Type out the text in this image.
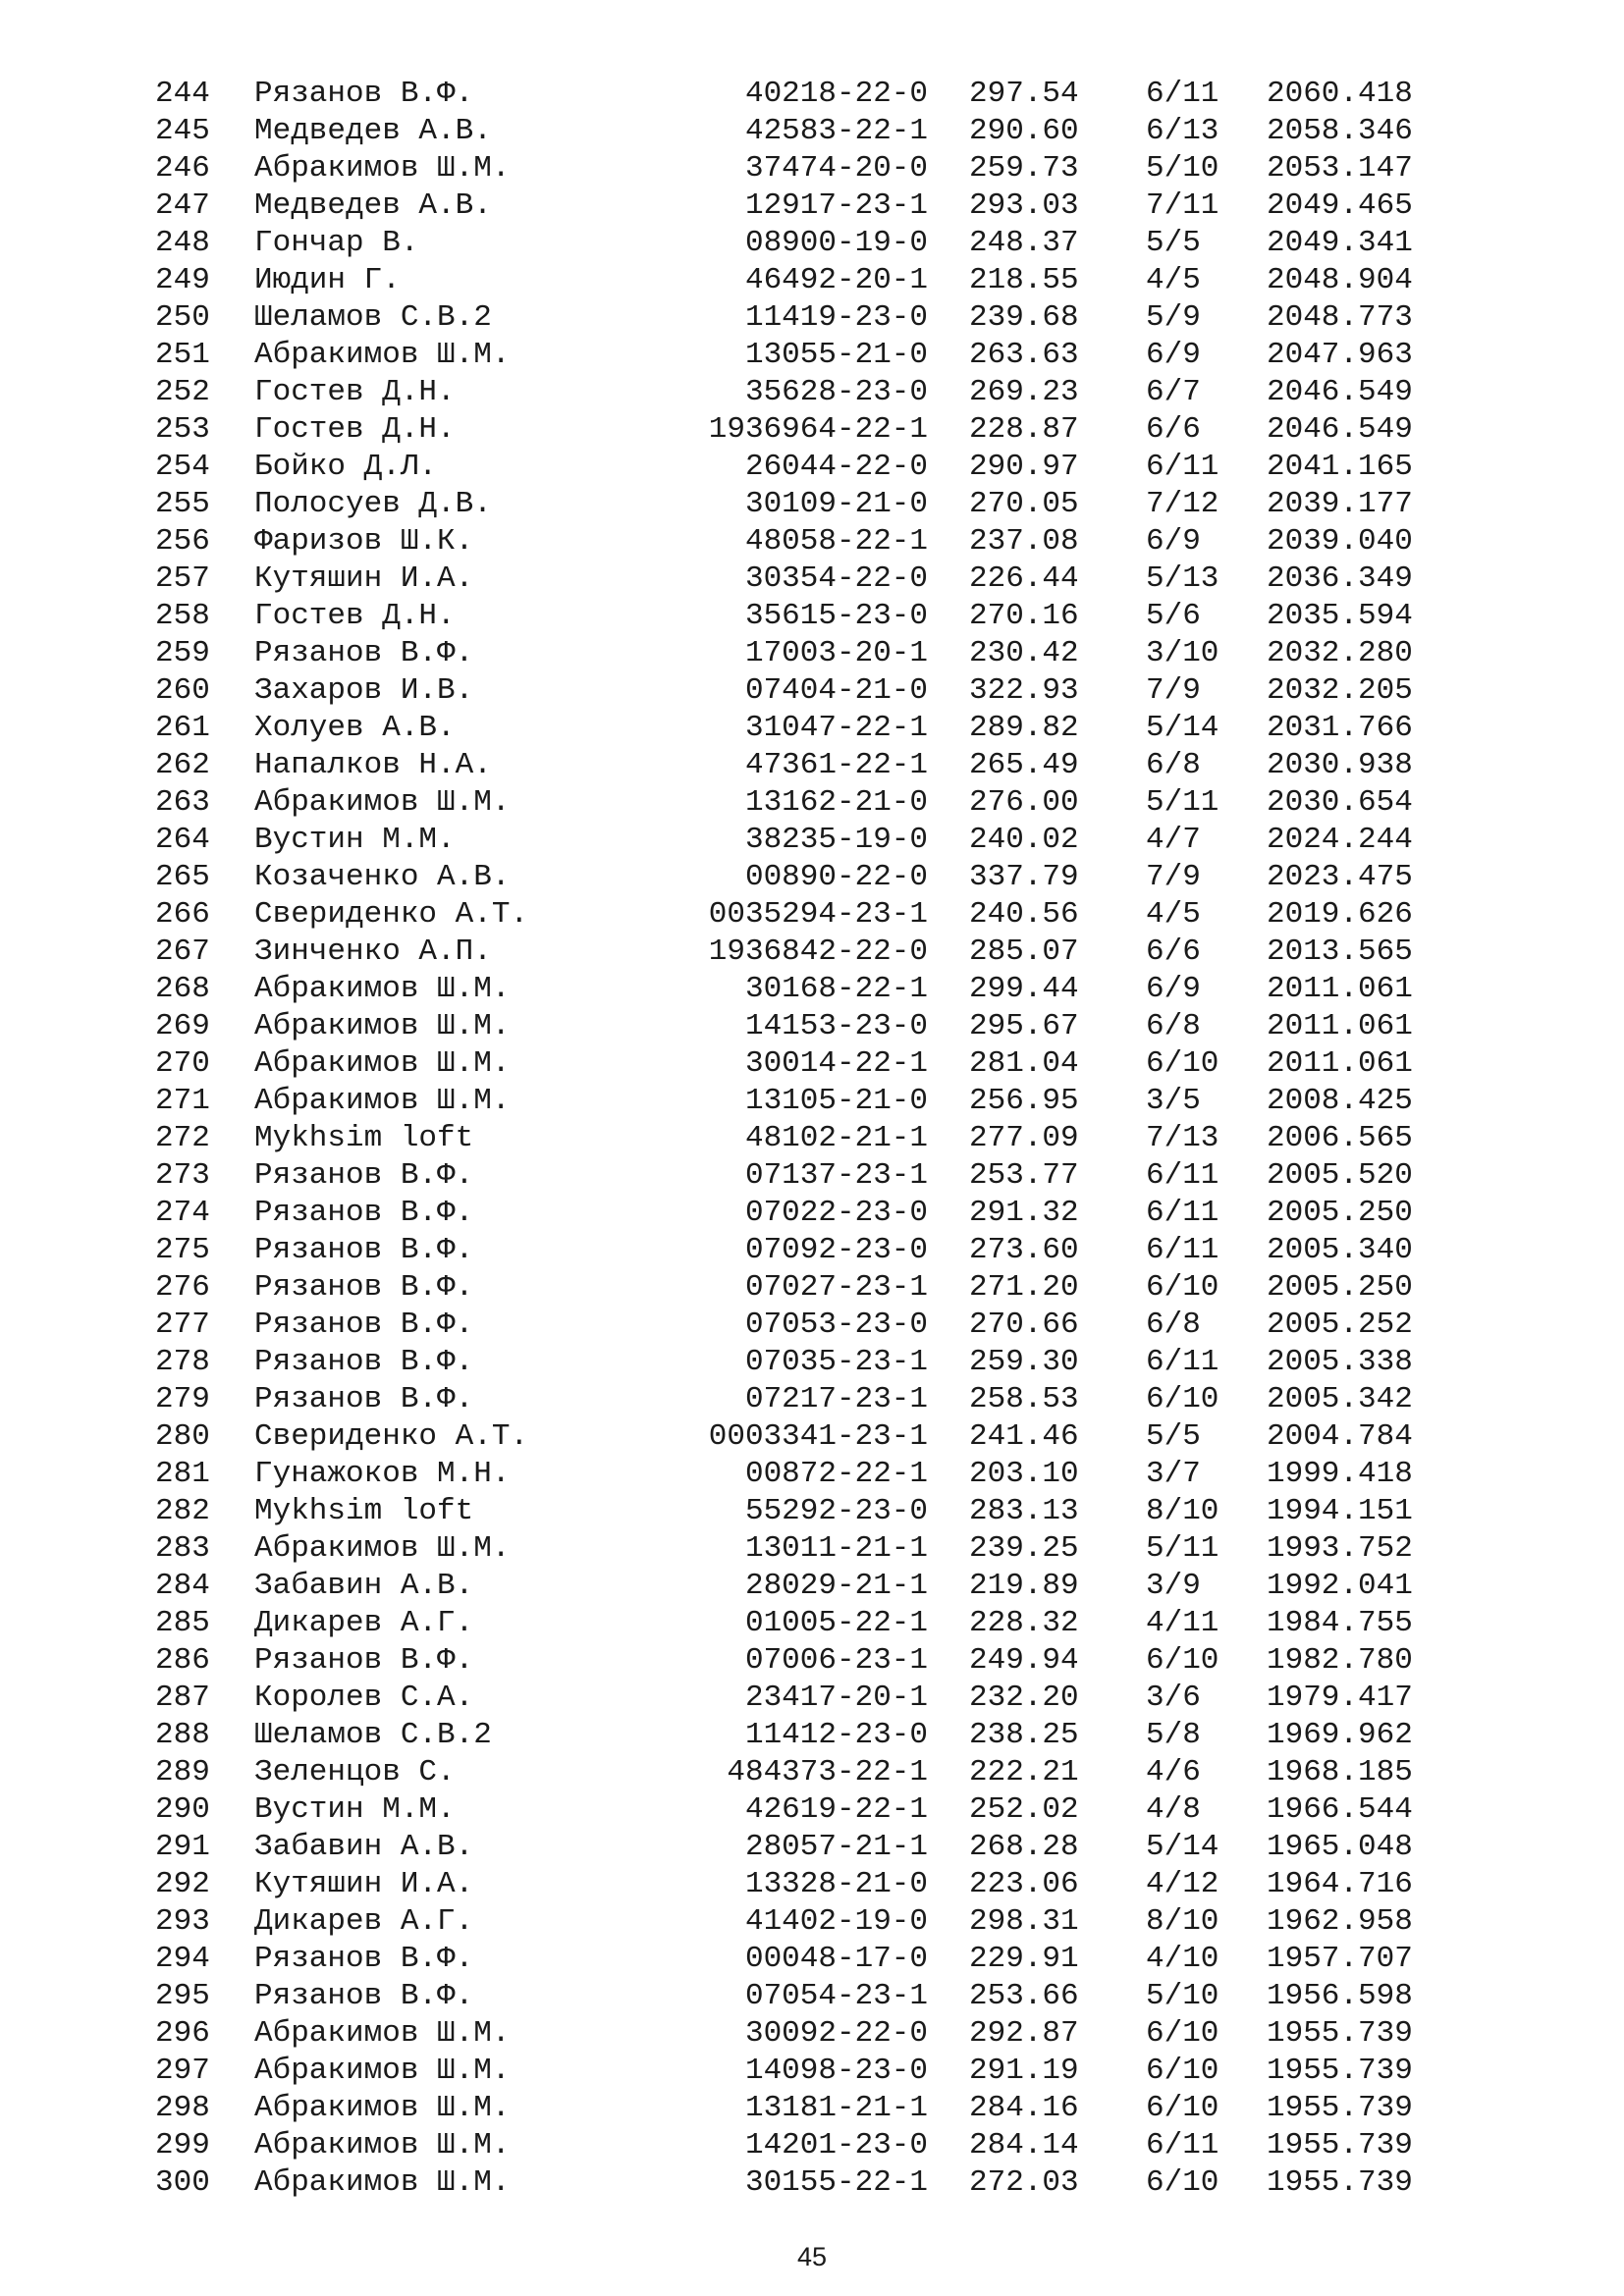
244 Рязанов В.Ф.	40218-22-0 297.54 6/11 2060.418
245 Медведев А.В.	42583-22-1 290.60 6/13 2058.346
246 Абракимов Ш.М.	37474-20-0 259.73 5/10 2053.147
247 Медведев А.В.	12917-23-1 293.03 7/11 2049.465
248 Гончар В.	08900-19-0 248.37 5/5 2049.341
249 Июдин Г.	46492-20-1 218.55 4/5 2048.904
250 Шеламов С.В.2	11419-23-0 239.68 5/9 2048.773
251 Абракимов Ш.М.	13055-21-0 263.63 6/9 2047.963
252 Гостев Д.Н.	35628-23-0 269.23 6/7 2046.549
253 Гостев Д.Н.	1936964-22-1 228.87 6/6 2046.549
254 Бойко Д.Л.	26044-22-0 290.97 6/11 2041.165
255 Полосуев Д.В.	30109-21-0 270.05 7/12 2039.177
256 Фаризов Ш.К.	48058-22-1 237.08 6/9 2039.040
257 Кутяшин И.А.	30354-22-0 226.44 5/13 2036.349
258 Гостев Д.Н.	35615-23-0 270.16 5/6 2035.594
259 Рязанов В.Ф.	17003-20-1 230.42 3/10 2032.280
260 Захаров И.В.	07404-21-0 322.93 7/9 2032.205
261 Холуев А.В.	31047-22-1 289.82 5/14 2031.766
262 Напалков Н.А.	47361-22-1 265.49 6/8 2030.938
263 Абракимов Ш.М.	13162-21-0 276.00 5/11 2030.654
264 Вустин М.М.	38235-19-0 240.02 4/7 2024.244
265 Козаченко А.В.	00890-22-0 337.79 7/9 2023.475
266 Свериденко А.Т.	0035294-23-1 240.56 4/5 2019.626
267 Зинченко А.П.	1936842-22-0 285.07 6/6 2013.565
268 Абракимов Ш.М.	30168-22-1 299.44 6/9 2011.061
269 Абракимов Ш.М.	14153-23-0 295.67 6/8 2011.061
270 Абракимов Ш.М.	30014-22-1 281.04 6/10 2011.061
271 Абракимов Ш.М.	13105-21-0 256.95 3/5 2008.425
272 Mykhsim loft	48102-21-1 277.09 7/13 2006.565
273 Рязанов В.Ф.	07137-23-1 253.77 6/11 2005.520
274 Рязанов В.Ф.	07022-23-0 291.32 6/11 2005.250
275 Рязанов В.Ф.	07092-23-0 273.60 6/11 2005.340
276 Рязанов В.Ф.	07027-23-1 271.20 6/10 2005.250
277 Рязанов В.Ф.	07053-23-0 270.66 6/8 2005.252
278 Рязанов В.Ф.	07035-23-1 259.30 6/11 2005.338
279 Рязанов В.Ф.	07217-23-1 258.53 6/10 2005.342
280 Свериденко А.Т.	0003341-23-1 241.46 5/5 2004.784
281 Гунажоков М.Н.	00872-22-1 203.10 3/7 1999.418
282 Mykhsim loft	55292-23-0 283.13 8/10 1994.151
283 Абракимов Ш.М.	13011-21-1 239.25 5/11 1993.752
284 Забавин А.В.	28029-21-1 219.89 3/9 1992.041
285 Дикарев А.Г.	01005-22-1 228.32 4/11 1984.755
286 Рязанов В.Ф.	07006-23-1 249.94 6/10 1982.780
287 Королев С.А.	23417-20-1 232.20 3/6 1979.417
288 Шеламов С.В.2	11412-23-0 238.25 5/8 1969.962
289 Зеленцов С.	484373-22-1 222.21 4/6 1968.185
290 Вустин М.М.	42619-22-1 252.02 4/8 1966.544
291 Забавин А.В.	28057-21-1 268.28 5/14 1965.048
292 Кутяшин И.А.	13328-21-0 223.06 4/12 1964.716
293 Дикарев А.Г.	41402-19-0 298.31 8/10 1962.958
294 Рязанов В.Ф.	00048-17-0 229.91 4/10 1957.707
295 Рязанов В.Ф.	07054-23-1 253.66 5/10 1956.598
296 Абракимов Ш.М.	30092-22-0 292.87 6/10 1955.739
297 Абракимов Ш.М.	14098-23-0 291.19 6/10 1955.739
298 Абракимов Ш.М.	13181-21-1 284.16 6/10 1955.739
299 Абракимов Ш.М.	14201-23-0 284.14 6/11 1955.739
300 Абракимов Ш.М.	30155-22-1 272.03 6/10 1955.739
45
